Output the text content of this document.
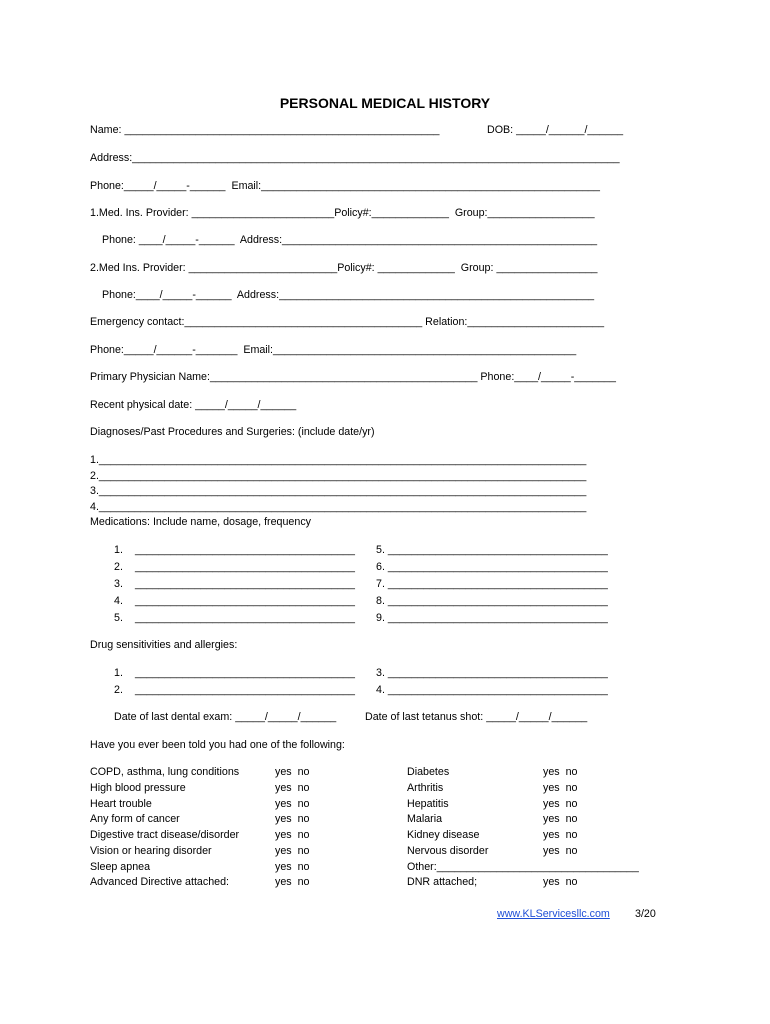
PERSONAL MEDICAL HISTORY
Name: _____________________________________________________	DOB: _____/______/______
Address:__________________________________________________________________________________
Phone:_____/_____-______  Email:_________________________________________________________
1.Med. Ins. Provider: ________________________Policy#:_____________  Group:__________________
Phone: ____/_____-______  Address:_____________________________________________________
2.Med Ins. Provider: _________________________Policy#: _____________  Group: _________________
Phone:____/_____-______  Address:_____________________________________________________
Emergency contact:________________________________________ Relation:_______________________
Phone:_____/______-_______  Email:___________________________________________________
Primary Physician Name:_____________________________________________ Phone:____/_____-_______
Recent physical date: _____/_____/______
Diagnoses/Past Procedures and Surgeries: (include date/yr)
1.__________________________________________________________________________________
2.__________________________________________________________________________________
3.__________________________________________________________________________________
4.__________________________________________________________________________________
Medications: Include name, dosage, frequency
1. _____________________________________ 5. _____________________________________
2. _____________________________________ 6. _____________________________________
3. _____________________________________ 7. _____________________________________
4. _____________________________________ 8. _____________________________________
5. _____________________________________ 9. _____________________________________
Drug sensitivities and allergies:
1. _____________________________________ 3. _____________________________________
2. _____________________________________ 4. _____________________________________
Date of last dental exam: _____/_____/______	Date of last tetanus shot: _____/_____/______
Have you ever been told you had one of the following:
COPD, asthma, lung conditions	yes  no
High blood pressure	yes  no
Heart trouble	yes  no
Any form of cancer	yes  no
Digestive tract disease/disorder	yes  no
Vision or hearing disorder	yes  no
Sleep apnea	yes  no
Advanced Directive attached:	yes  no
Diabetes	yes  no
Arthritis	yes  no
Hepatitis	yes  no
Malaria	yes  no
Kidney disease	yes  no
Nervous disorder	yes  no
Other:__________________________________
DNR attached;	yes  no
www.KLServicesllc.com 3/20
